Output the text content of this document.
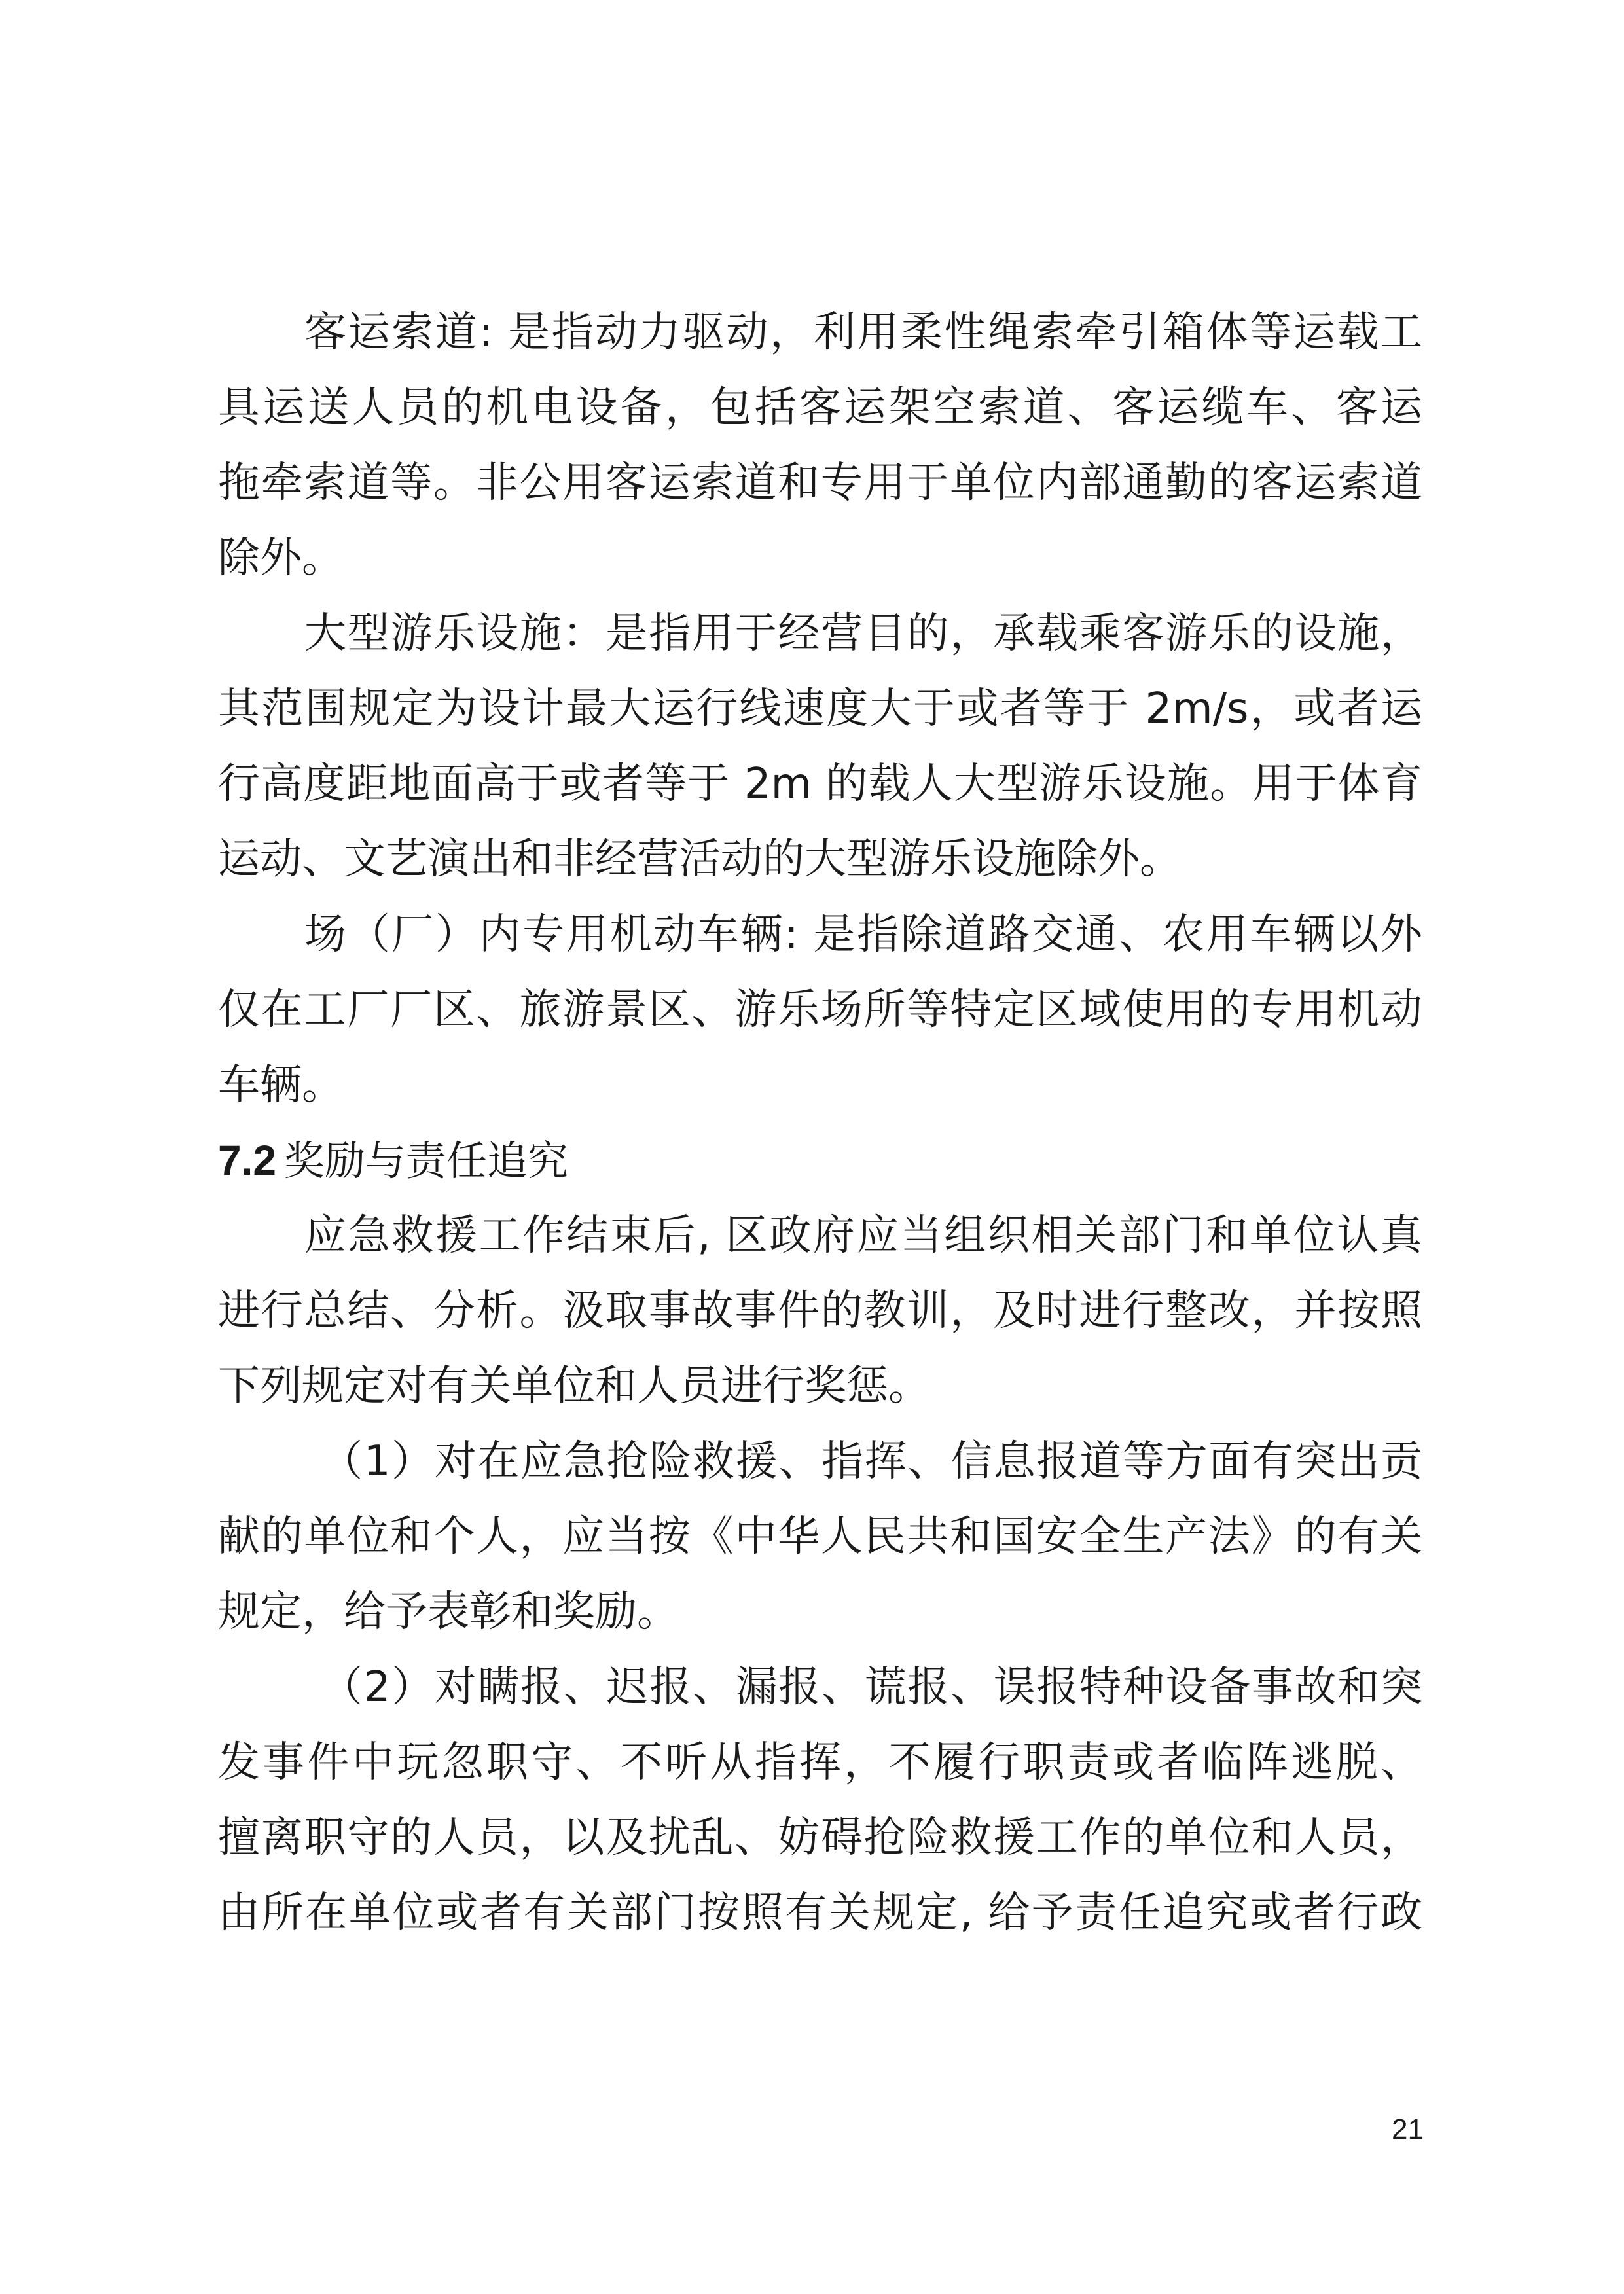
客运索道: 是指动力驱动，利用柔性绳索牵引箱体等运载工
具运送人员的机电设备，包括客运架空索道、客运缆车、客运
拖牵索道等。非公用客运索道和专用于单位内部通勤的客运索道
除外。
大型游乐设施：是指用于经营目的，承载乘客游乐的设施，
其范围规定为设计最大运行线速度大于或者等于 2m/s，或者运
行高度距地面高于或者等于 2m 的载人大型游乐设施。用于体育
运动、文艺演出和非经营活动的大型游乐设施除外。
场（厂）内专用机动车辆: 是指除道路交通、农用车辆以外
仅在工厂厂区、旅游景区、游乐场所等特定区域使用的专用机动
车辆。
7.2 奖励与责任追究
应急救援工作结束后, 区政府应当组织相关部门和单位认真
进行总结、分析。汲取事故事件的教训，及时进行整改，并按照
下列规定对有关单位和人员进行奖惩。
（1）对在应急抢险救援、指挥、信息报道等方面有突出贡
献的单位和个人，应当按《中华人民共和国安全生产法》的有关
规定，给予表彰和奖励。
（2）对瞒报、迟报、漏报、谎报、误报特种设备事故和突
发事件中玩忽职守、不听从指挥，不履行职责或者临阵逃脱、
擅离职守的人员，以及扰乱、妨碍抢险救援工作的单位和人员，
由所在单位或者有关部门按照有关规定, 给予责任追究或者行政
21
